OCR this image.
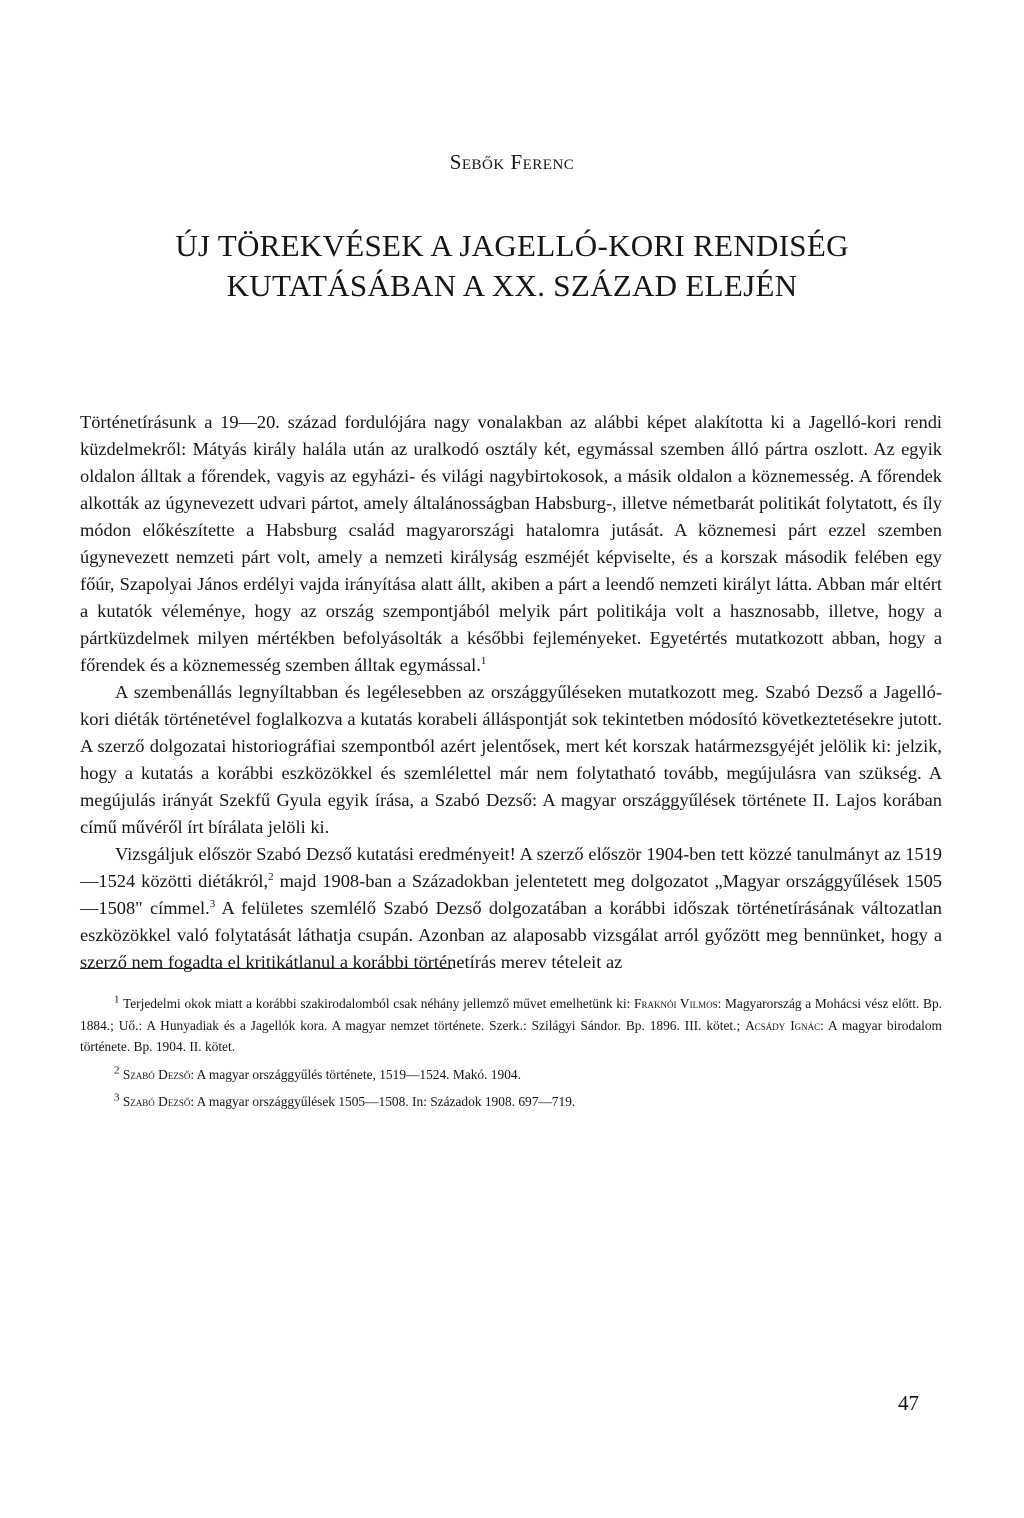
Sebők Ferenc
ÚJ TÖREKVÉSEK A JAGELLÓ-KORI RENDISÉG
KUTATÁSÁBAN A XX. SZÁZAD ELEJÉN

Történetírásunk a 19—20. század fordulójára nagy vonalakban az alábbi képet alakította ki a Jagelló-kori rendi küzdelmekről: Mátyás király halála után az uralkodó osztály két, egymással szemben álló pártra oszlott. Az egyik oldalon álltak a főrendek, vagyis az egyházi- és világi nagybirtokosok, a másik oldalon a köznemesség. A főrendek alkották az úgynevezett udvari pártot, amely általánosságban Habsburg-, illetve németbarát politikát folytatott, és íly módon előkészítette a Habsburg család magyarországi hatalomra jutását. A köznemesi párt ezzel szemben úgynevezett nemzeti párt volt, amely a nemzeti királyság eszméjét képviselte, és a korszak második felében egy főúr, Szapolyai János erdélyi vajda irányítása alatt állt, akiben a párt a leendő nemzeti királyt látta. Abban már eltért a kutatók véleménye, hogy az ország szempontjából melyik párt politikája volt a hasznosabb, illetve, hogy a pártküzdelmek milyen mértékben befolyásolták a későbbi fejleményeket. Egyetértés mutatkozott abban, hogy a főrendek és a köznemesség szemben álltak egymással.$^1$

A szembenállás legnyíltabban és legélesebben az országgyűléseken mutatkozott meg. Szabó Dezső a Jagelló-kori diéták történetével foglalkozva a kutatás korabeli álláspontját sok tekintetben módosító következtetésekre jutott. A szerző dolgozatai historiográfiai szempontból azért jelentősek, mert két korszak határmezsgyéjét jelölik ki: jelzik, hogy a kutatás a korábbi eszközökkel és szemlélettel már nem folytatható tovább, megújulásra van szükség. A megújulás irányát Szekfű Gyula egyik írása, a Szabó Dezső: A magyar országgyűlések története II. Lajos korában című művéről írt bírálata jelöli ki.

Vizsgáljuk először Szabó Dezső kutatási eredményeit! A szerző először 1904-ben tett közzé tanulmányt az 1519—1524 közötti diétákról,$^2$ majd 1908-ban a Századokban jelentetett meg dolgozatot „Magyar országgyűlések 1505—1508" címmel.$^3$ A felületes szemlélő Szabó Dezső dolgozatában a korábbi időszak történetírásának változatlan eszközökkel való folytatását láthatja csupán. Azonban az alaposabb vizsgálat arról győzött meg bennünket, hogy a szerző nem fogadta el kritikátlanul a korábbi történetírás merev tételeit az

$^1$ Terjedelmi okok miatt a korábbi szakirodalomból csak néhány jellemző művet emelhetünk ki: Fraknói Vilmos: Magyarország a Mohácsi vész előtt. Bp. 1884.; Uő.: A Hunyadiak és a Jagellók kora. A magyar nemzet története. Szerk.: Szilágyi Sándor. Bp. 1896. III. kötet.; Acsády Ignác: A magyar birodalom története. Bp. 1904. II. kötet.

$^2$ Szabó Dezső: A magyar országgyűlés története, 1519—1524. Makó. 1904.

$^3$ Szabó Dezső: A magyar országgyűlések 1505—1508. In: Századok 1908. 697—719.

47
